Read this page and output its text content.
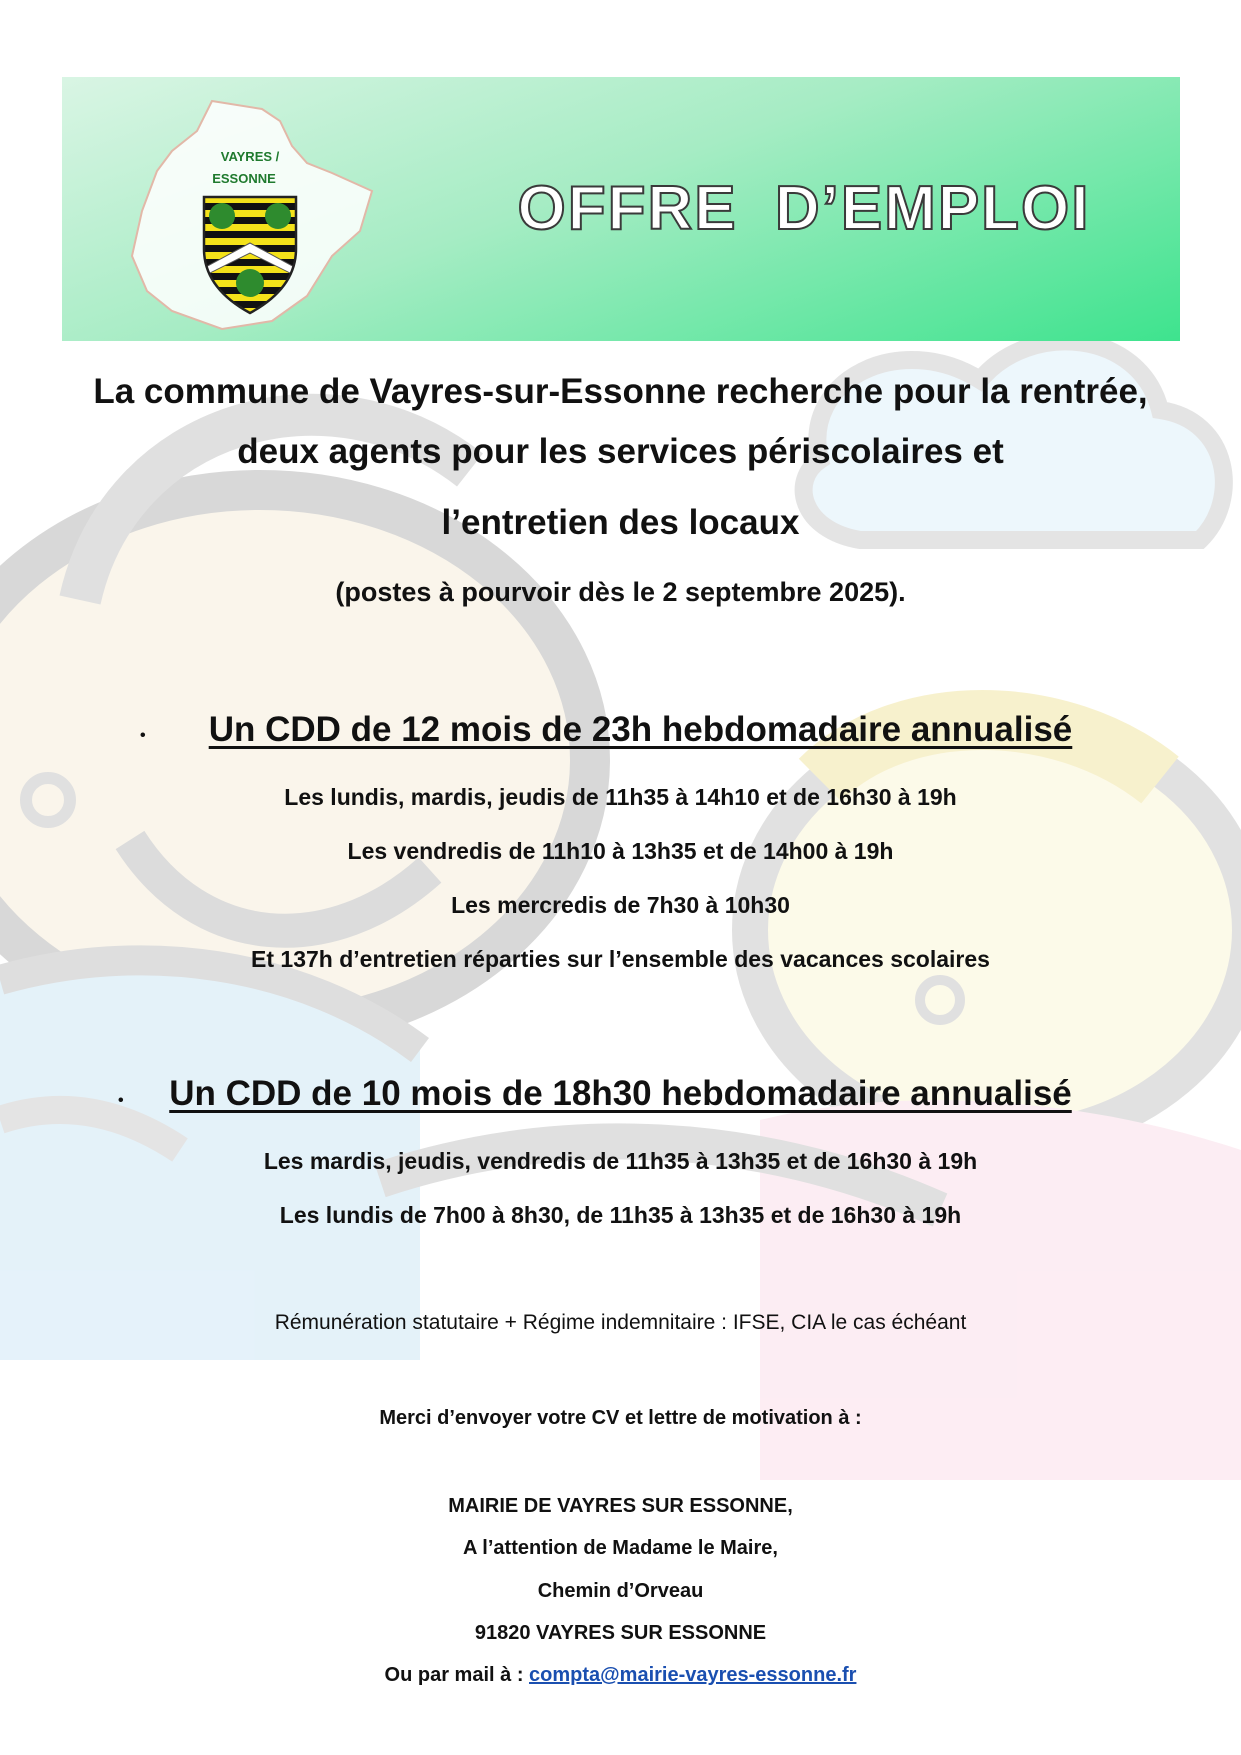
VAYRES /
ESSONNE	OFFRE D’EMPLOI
La commune de Vayres-sur-Essonne recherche pour la rentrée,
deux agents pour les services périscolaires et
l’entretien des locaux
(postes à pourvoir dès le 2 septembre 2025).
•	Un CDD de 12 mois de 23h hebdomadaire annualisé
Les lundis, mardis, jeudis de 11h35 à 14h10 et de 16h30 à 19h
Les vendredis de 11h10 à 13h35 et de 14h00 à 19h
Les mercredis de 7h30 à 10h30
Et 137h d’entretien réparties sur l’ensemble des vacances scolaires
•	Un CDD de 10 mois de 18h30 hebdomadaire annualisé
Les mardis, jeudis, vendredis de 11h35 à 13h35 et de 16h30 à 19h
Les lundis de 7h00 à 8h30, de 11h35 à 13h35 et de 16h30 à 19h
Rémunération statutaire + Régime indemnitaire : IFSE, CIA le cas échéant
Merci d’envoyer votre CV et lettre de motivation à :
MAIRIE DE VAYRES SUR ESSONNE,
A l’attention de Madame le Maire,
Chemin d’Orveau
91820 VAYRES SUR ESSONNE
Ou par mail à : compta@mairie-vayres-essonne.fr
